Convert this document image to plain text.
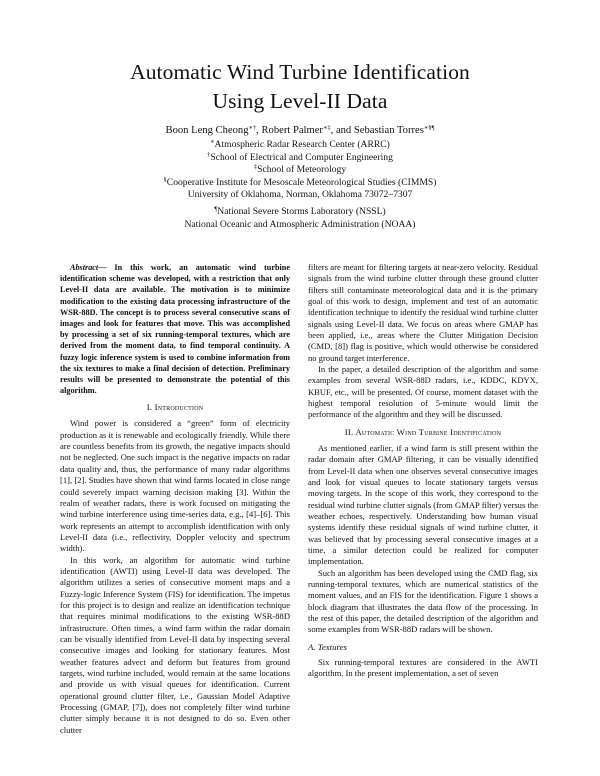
Automatic Wind Turbine Identification
Using Level-II Data
Boon Leng Cheong∗†, Robert Palmer∗‡, and Sebastian Torres∗§¶
∗Atmospheric Radar Research Center (ARRC)
†School of Electrical and Computer Engineering
‡School of Meteorology
§Cooperative Institute for Mesoscale Meteorological Studies (CIMMS)
University of Oklahoma, Norman, Oklahoma 73072–7307
¶National Severe Storms Laboratory (NSSL)
National Oceanic and Atmospheric Administration (NOAA)

Abstract— In this work, an automatic wind turbine identification scheme was developed, with a restriction that only Level-II data are available. The motivation is to minimize modification to the existing data processing infrastructure of the WSR-88D. The concept is to process several consecutive scans of images and look for features that move. This was accomplished by processing a set of six running-temporal textures, which are derived from the moment data, to find temporal continuity. A fuzzy logic inference system is used to combine information from the six textures to make a final decision of detection. Preliminary results will be presented to demonstrate the potential of this algorithm.

I. Introduction

Wind power is considered a “green” form of electricity production as it is renewable and ecologically friendly. While there are countless benefits from its growth, the negative impacts should not be neglected. One such impact is the negative impacts on radar data quality and, thus, the performance of many radar algorithms [1], [2]. Studies have shown that wind farms located in close range could severely impact warning decision making [3]. Within the realm of weather radars, there is work focused on mitigating the wind turbine interference using time-series data, e.g., [4]–[6]. This work represents an attempt to accomplish identification with only Level-II data (i.e., reflectivity, Doppler velocity and spectrum width).

In this work, an algorithm for automatic wind turbine identification (AWTI) using Level-II data was developed. The algorithm utilizes a series of consecutive moment maps and a Fuzzy-logic Inference System (FIS) for identification. The impetus for this project is to design and realize an identification technique that requires minimal modifications to the existing WSR-88D infrastructure. Often times, a wind farm within the radar domain can be visually identified from Level-II data by inspecting several consecutive images and looking for stationary features. Most weather features advect and deform but features from ground targets, wind turbine included, would remain at the same locations and provide us with visual queues for identification. Current operational ground clutter filter, i.e., Gaussian Model Adaptive Processing (GMAP, [7]), does not completely filter wind turbine clutter simply because it is not designed to do so. Even other clutter

filters are meant for filtering targets at near-zero velocity. Residual signals from the wind turbine clutter through these ground clutter filters still contaminate meteorological data and it is the primary goal of this work to design, implement and test of an automatic identification technique to identify the residual wind turbine clutter signals using Level-II data. We focus on areas where GMAP has been applied, i.e., areas where the Clutter Mitigation Decision (CMD, [8]) flag is positive, which would otherwise be considered no ground target interference.

In the paper, a detailed description of the algorithm and some examples from several WSR-88D radars, i.e., KDDC, KDYX, KBUF, etc., will be presented. Of course, moment dataset with the highest temporal resolution of 5-minute would limit the performance of the algorithm and they will be discussed.

II. Automatic Wind Turbine Identification

As mentioned earlier, if a wind farm is still present within the radar domain after GMAP filtering, it can be visually identified from Level-II data when one observes several consecutive images and look for visual queues to locate stationary targets versus moving targets. In the scope of this work, they correspond to the residual wind turbine clutter signals (from GMAP filter) versus the weather echoes, respectively. Understanding how human visual systems identify these residual signals of wind turbine clutter, it was believed that by processing several consecutive images at a time, a similar detection could be realized for computer implementation.

Such an algorithm has been developed using the CMD flag, six running-temporal textures, which are numerical statistics of the moment values, and an FIS for the identification. Figure 1 shows a block diagram that illustrates the data flow of the processing. In the rest of this paper, the detailed description of the algorithm and some examples from WSR-88D radars will be shown.

A. Textures

Six running-temporal textures are considered in the AWTI algorithm. In the present implementation, a set of seven
